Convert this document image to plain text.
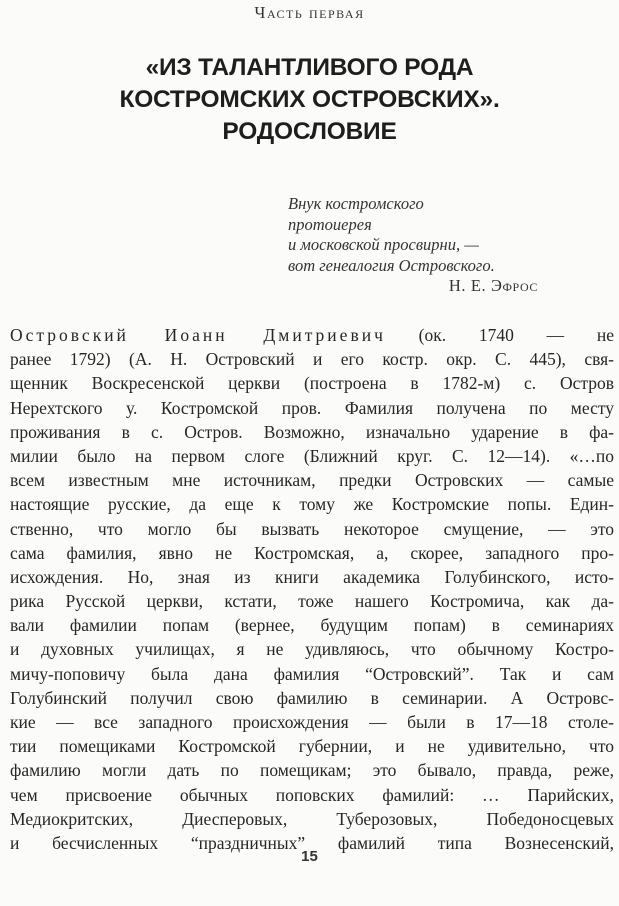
Часть первая
«ИЗ ТАЛАНТЛИВОГО РОДА
КОСТРОМСКИХ ОСТРОВСКИХ».
РОДОСЛОВИЕ
Внук костромского
протоиерея
и московской просвирни, —
вот генеалогия Островского.
Н. Е. Эфрос
Островский Иоанн Дмитриевич (ок. 1740 — не
ранее 1792) (А. Н. Островский и его костр. окр. С. 445), свя-
щенник Воскресенской церкви (построена в 1782-м) с. Остров
Нерехтского у. Костромской пров. Фамилия получена по месту
проживания в с. Остров. Возможно, изначально ударение в фа-
милии было на первом слоге (Ближний круг. С. 12—14). «…по
всем известным мне источникам, предки Островских — самые
настоящие русские, да еще к тому же Костромские попы. Един-
ственно, что могло бы вызвать некоторое смущение, — это
сама фамилия, явно не Костромская, а, скорее, западного про-
исхождения. Но, зная из книги академика Голубинского, исто-
рика Русской церкви, кстати, тоже нашего Костромича, как да-
вали фамилии попам (вернее, будущим попам) в семинариях
и духовных училищах, я не удивляюсь, что обычному Костро-
мичу-поповичу была дана фамилия “Островский”. Так и сам
Голубинский получил свою фамилию в семинарии. А Островс-
кие — все западного происхождения — были в 17—18 столе-
тии помещиками Костромской губернии, и не удивительно, что
фамилию могли дать по помещикам; это бывало, правда, реже,
чем присвоение обычных поповских фамилий: … Парийских,
Медиокритских, Диесперовых, Туберозовых, Победоносцевых
и бесчисленных “праздничных” фамилий типа Вознесенский,
15
